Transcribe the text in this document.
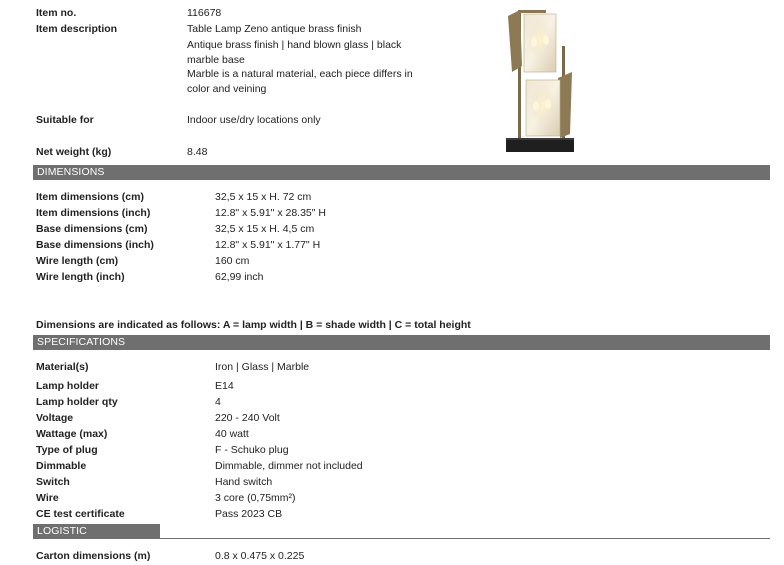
Item no.	116678
Item description	Table Lamp Zeno antique brass finish
Antique brass finish | hand blown glass | black
marble base
Marble is a natural material, each piece differs in
color and veining
Suitable for	Indoor use/dry locations only
Net weight (kg)	8.48
DIMENSIONS
Item dimensions (cm)	32,5 x 15 x H. 72 cm
Item dimensions (inch)	12.8" x 5.91" x 28.35" H
Base dimensions (cm)	32,5 x 15 x H. 4,5 cm
Base dimensions (inch)	12.8" x 5.91" x 1.77" H
Wire length (cm)	160 cm
Wire length (inch)	62,99 inch
Dimensions are indicated as follows: A = lamp width | B = shade width | C = total height
SPECIFICATIONS
Material(s)	Iron | Glass | Marble
Lamp holder	E14
Lamp holder qty	4
Voltage	220 - 240 Volt
Wattage (max)	40 watt
Type of plug	F - Schuko plug
Dimmable	Dimmable, dimmer not included
Switch	Hand switch
Wire	3 core (0,75mm²)
CE test certificate	Pass 2023 CB
LOGISTIC INFORMATION
Carton dimensions (m)	0.8 x 0.475 x 0.225
